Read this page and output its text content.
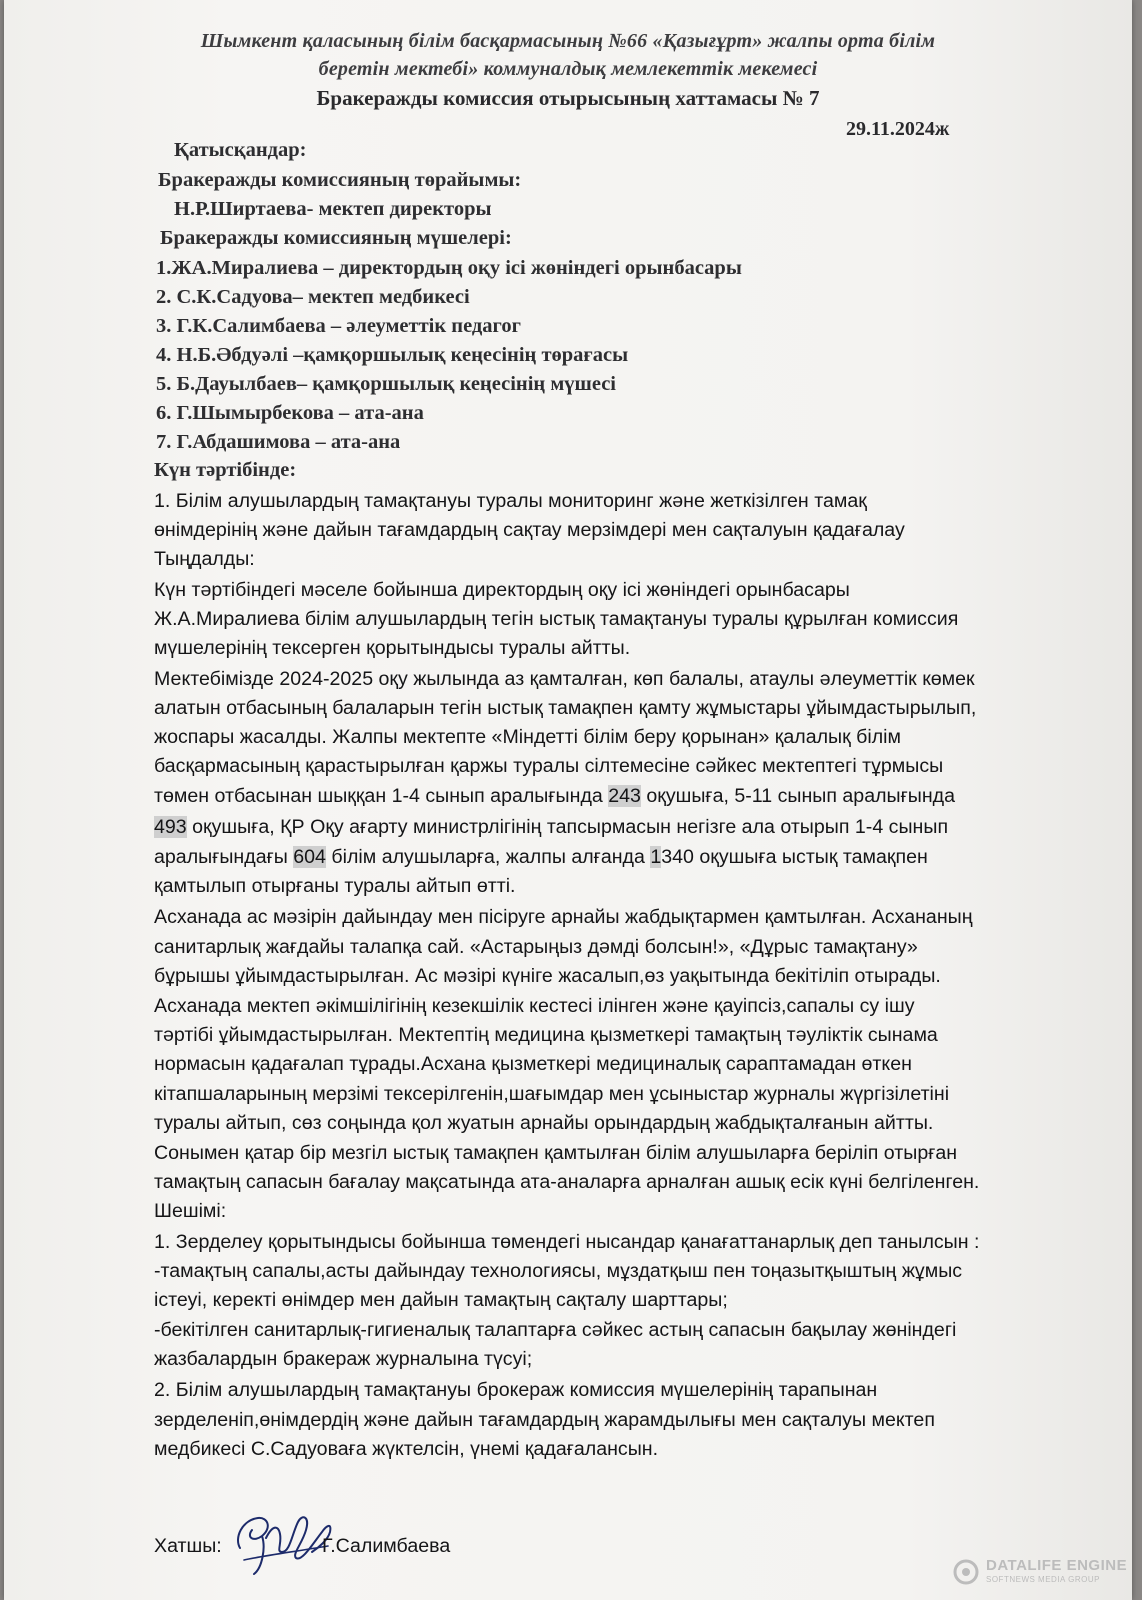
Шымкент қаласының білім басқармасының №66 «Қазығұрт» жалпы орта білім
беретін мектебі» коммуналдық мемлекеттік мекемесі
Бракеражды комиссия отырысының хаттамасы № 7
29.11.2024ж
Қатысқандар:
Бракеражды комиссияның төрайымы:
Н.Р.Ширтаева- мектеп директоры
Бракеражды комиссияның мүшелері:
1.ЖА.Миралиева – директордың оқу ісі жөніндегі орынбасары
2. С.К.Садуова– мектеп медбикесі
3. Г.К.Салимбаева – әлеуметтік педагог
4. Н.Б.Әбдуәлі –қамқоршылық кеңесінің төрағасы
5. Б.Дауылбаев– қамқоршылық кеңесінің мүшесі
6. Г.Шымырбекова – ата-ана
7. Г.Абдашимова – ата-ана
Күн тәртібінде:
1. Білім алушылардың тамақтануы туралы мониторинг және жеткізілген тамақ
өнімдерінің және дайын тағамдардың сақтау мерзімдері мен сақталуын қадағалау
Тыңдалды:
Күн тәртібіндегі мәселе бойынша директордың оқу ісі жөніндегі орынбасары
Ж.А.Миралиева білім алушылардың тегін ыстық тамақтануы туралы құрылған комиссия
мүшелерінің тексерген қорытындысы туралы айтты.
Мектебімізде 2024-2025 оқу жылында аз қамталған, көп балалы, атаулы әлеуметтік көмек
алатын отбасының балаларын тегін ыстық тамақпен қамту жұмыстары ұйымдастырылып,
жоспары жасалды. Жалпы мектепте «Міндетті білім беру қорынан» қалалық білім
басқармасының қарастырылған қаржы туралы сілтемесіне сәйкес мектептегі тұрмысы
төмен отбасынан шыққан 1-4 сынып аралығында 243 оқушыға, 5-11 сынып аралығында
493 оқушыға, ҚР Оқу ағарту министрлігінің тапсырмасын негізге ала отырып 1-4 сынып
аралығындағы 604 білім алушыларға, жалпы алғанда 1340 оқушыға ыстық тамақпен
қамтылып отырғаны туралы айтып өтті.
Асханада ас мәзірін дайындау мен пісіруге арнайы жабдықтармен қамтылған. Асхананың
санитарлық жағдайы талапқа сай. «Астарыңыз дәмді болсын!», «Дұрыс тамақтану»
бұрышы ұйымдастырылған. Ас мәзірі күнiге жасалып,өз уақытында бекітіліп отырады.
Асханада мектеп әкімшілігінің кезекшілік кестесі ілінген және қауіпсіз,сапалы су ішу
тәртібі ұйымдастырылған. Мектептің медицина қызметкері тамақтың тәуліктік сынама
нормасын қадағалап тұрады.Асхана қызметкері медициналық сараптамадан өткен
кітапшаларының мерзімі тексерілгенін,шағымдар мен ұсыныстар журналы жүргізілетіні
туралы айтып, сөз соңында қол жуатын арнайы орындардың жабдықталғанын айтты.
Сонымен қатар бір мезгіл ыстық тамақпен қамтылған білім алушыларға беріліп отырған
тамақтың сапасын бағалау мақсатында ата-аналарға арналған ашық есік күні белгіленген.
Шешімі:
1. Зерделеу қорытындысы бойынша төмендегі нысандар қанағаттанарлық деп танылсын :
-тамақтың сапалы,асты дайындау технологиясы, мұздатқыш пен тоңазытқыштың жұмыс
істеуі, керекті өнімдер мен дайын тамақтың сақталу шарттары;
-бекітілген санитарлық-гигиеналық талаптарға сәйкес астың сапасын бақылау жөніндегі
жазбалардын бракераж журналына түсуі;
2. Білім алушылардың тамақтануы брокераж комиссия мүшелерінің тарапынан
зерделеніп,өнімдердің және дайын тағамдардың жарамдылығы мен сақталуы мектеп
медбикесі С.Садуоваға жүктелсін, үнемі қадағалансын.
Хатшы:	Г.Салимбаева
DATALIFE ENGINE
SOFTNEWS MEDIA GROUP
